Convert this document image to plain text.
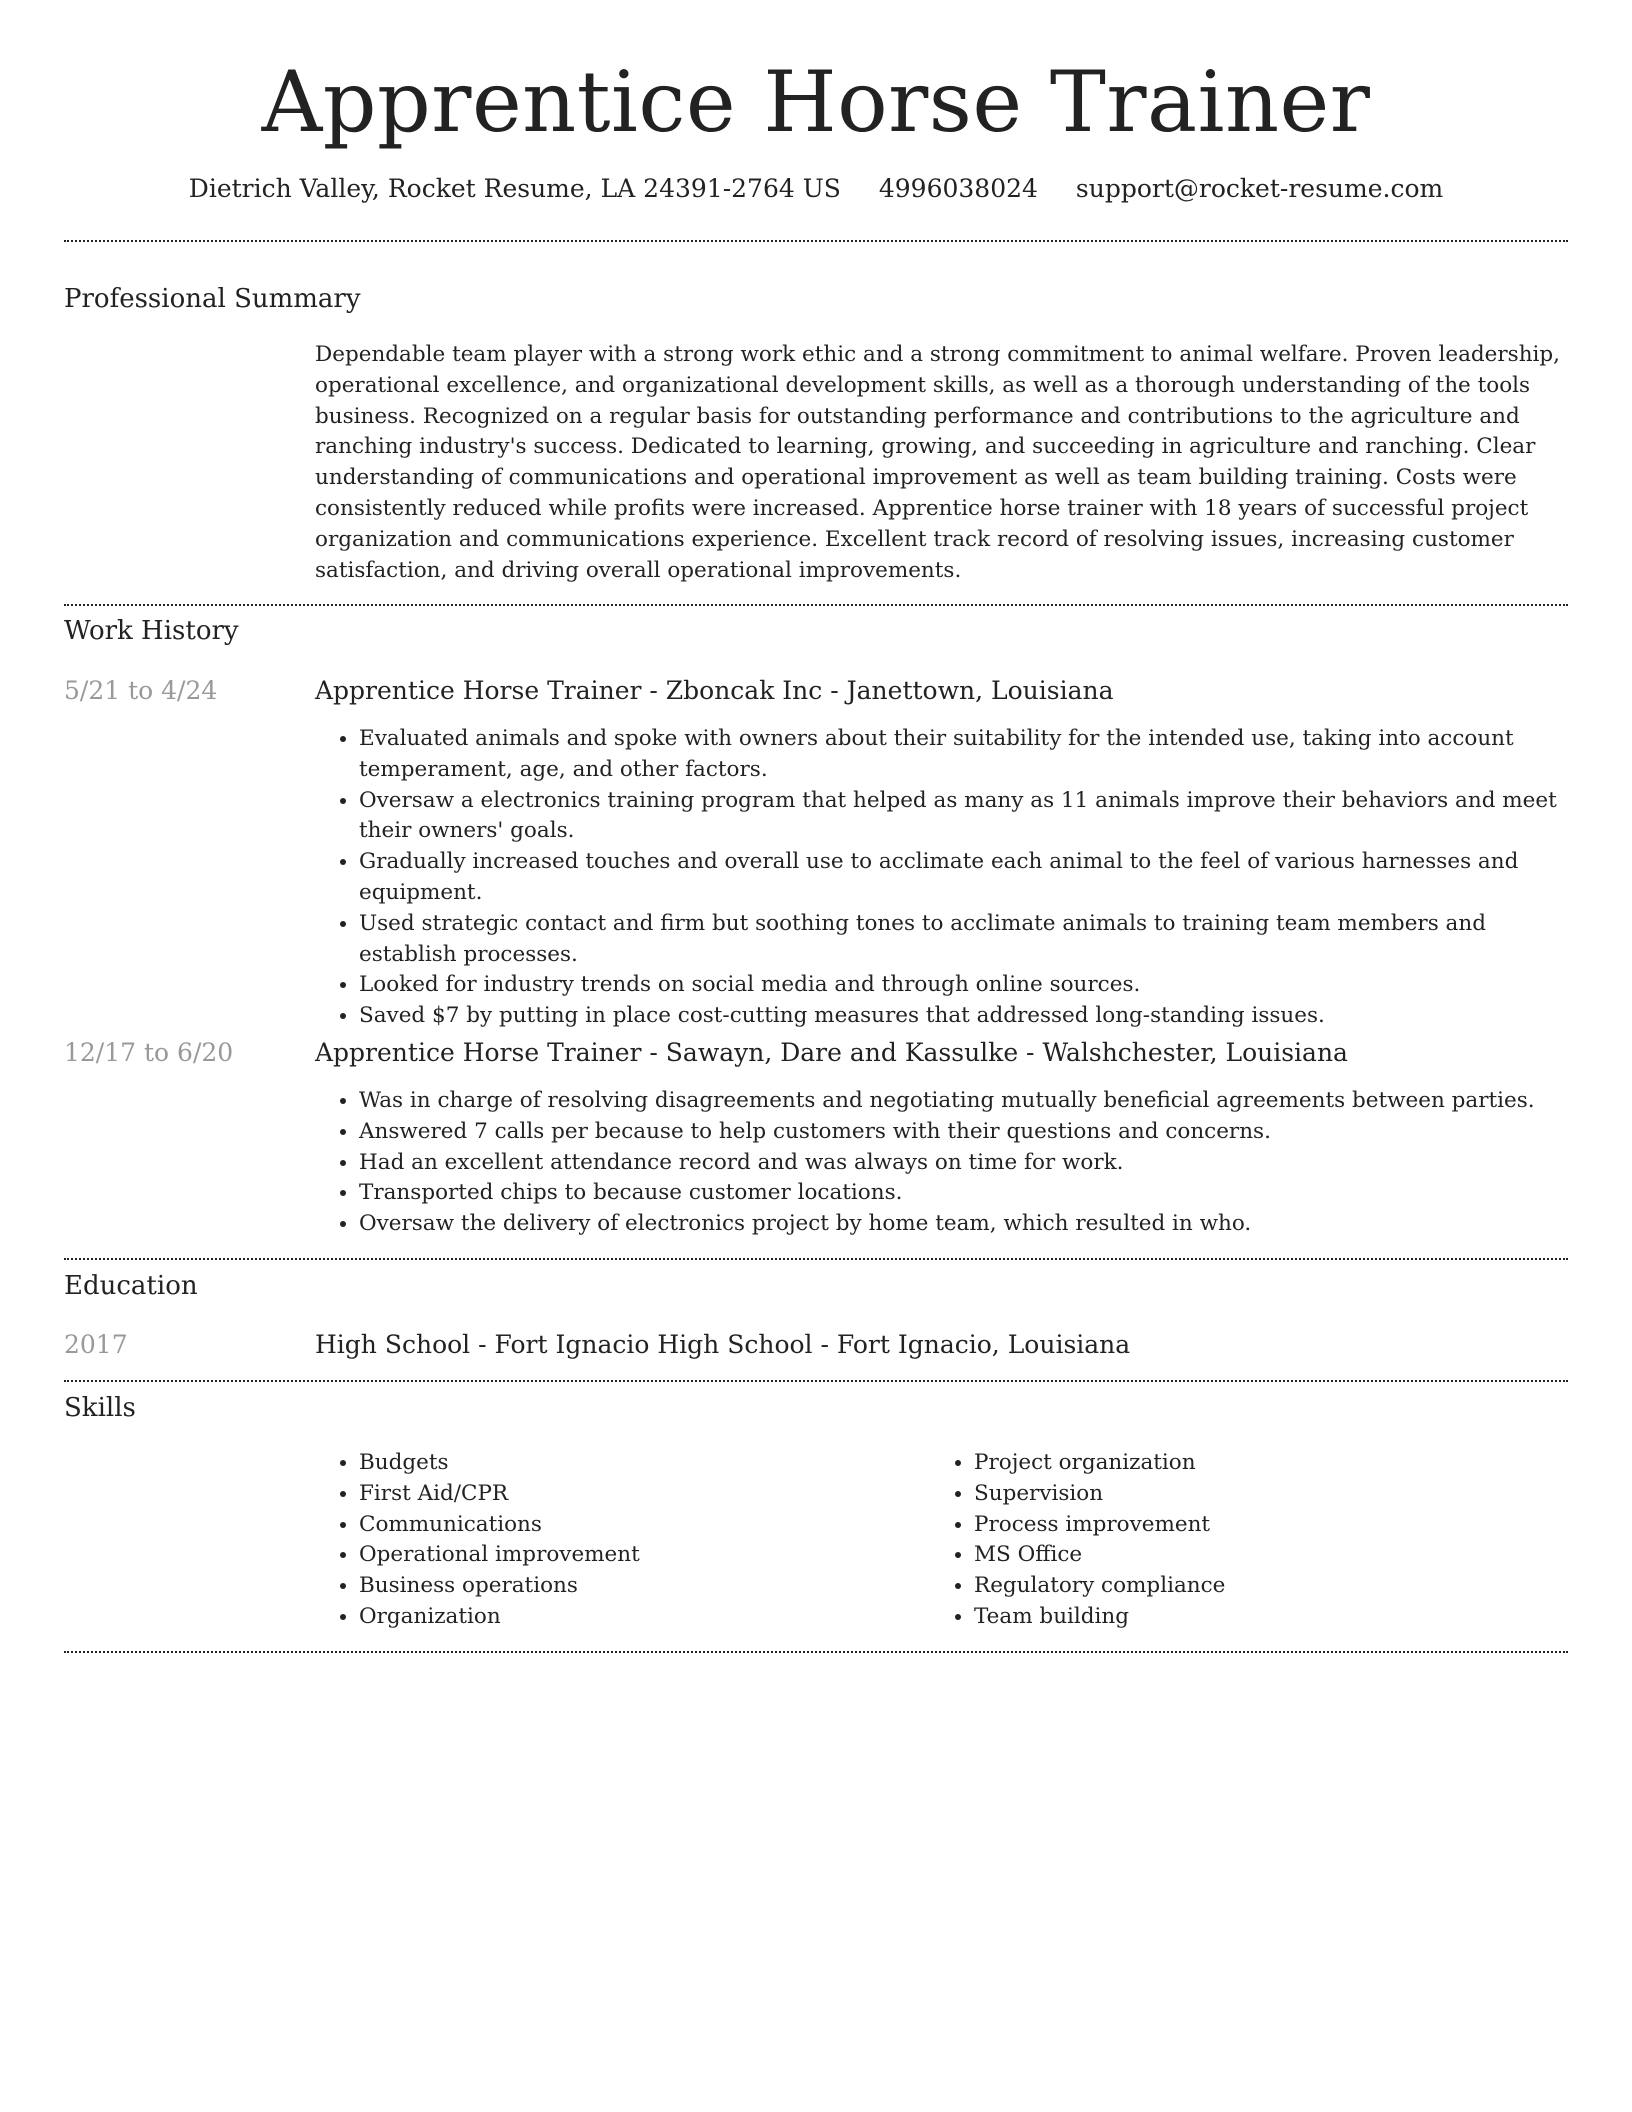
Apprentice Horse Trainer
Dietrich Valley, Rocket Resume, LA 24391-2764 US 4996038024 support@rocket-resume.com
Professional Summary
Dependable team player with a strong work ethic and a strong commitment to animal welfare. Proven leadership, operational excellence, and organizational development skills, as well as a thorough understanding of the tools business. Recognized on a regular basis for outstanding performance and contributions to the agriculture and ranching industry's success. Dedicated to learning, growing, and succeeding in agriculture and ranching. Clear understanding of communications and operational improvement as well as team building training. Costs were consistently reduced while profits were increased. Apprentice horse trainer with 18 years of successful project organization and communications experience. Excellent track record of resolving issues, increasing customer satisfaction, and driving overall operational improvements.
Work History
5/21 to 4/24	Apprentice Horse Trainer - Zboncak Inc - Janettown, Louisiana
• Evaluated animals and spoke with owners about their suitability for the intended use, taking into account temperament, age, and other factors.
• Oversaw a electronics training program that helped as many as 11 animals improve their behaviors and meet their owners' goals.
• Gradually increased touches and overall use to acclimate each animal to the feel of various harnesses and equipment.
• Used strategic contact and firm but soothing tones to acclimate animals to training team members and establish processes.
• Looked for industry trends on social media and through online sources.
• Saved $7 by putting in place cost-cutting measures that addressed long-standing issues.
12/17 to 6/20	Apprentice Horse Trainer - Sawayn, Dare and Kassulke - Walshchester, Louisiana
• Was in charge of resolving disagreements and negotiating mutually beneficial agreements between parties.
• Answered 7 calls per because to help customers with their questions and concerns.
• Had an excellent attendance record and was always on time for work.
• Transported chips to because customer locations.
• Oversaw the delivery of electronics project by home team, which resulted in who.
Education
2017	High School - Fort Ignacio High School - Fort Ignacio, Louisiana
Skills
• Budgets
• First Aid/CPR
• Communications
• Operational improvement
• Business operations
• Organization
• Project organization
• Supervision
• Process improvement
• MS Office
• Regulatory compliance
• Team building
